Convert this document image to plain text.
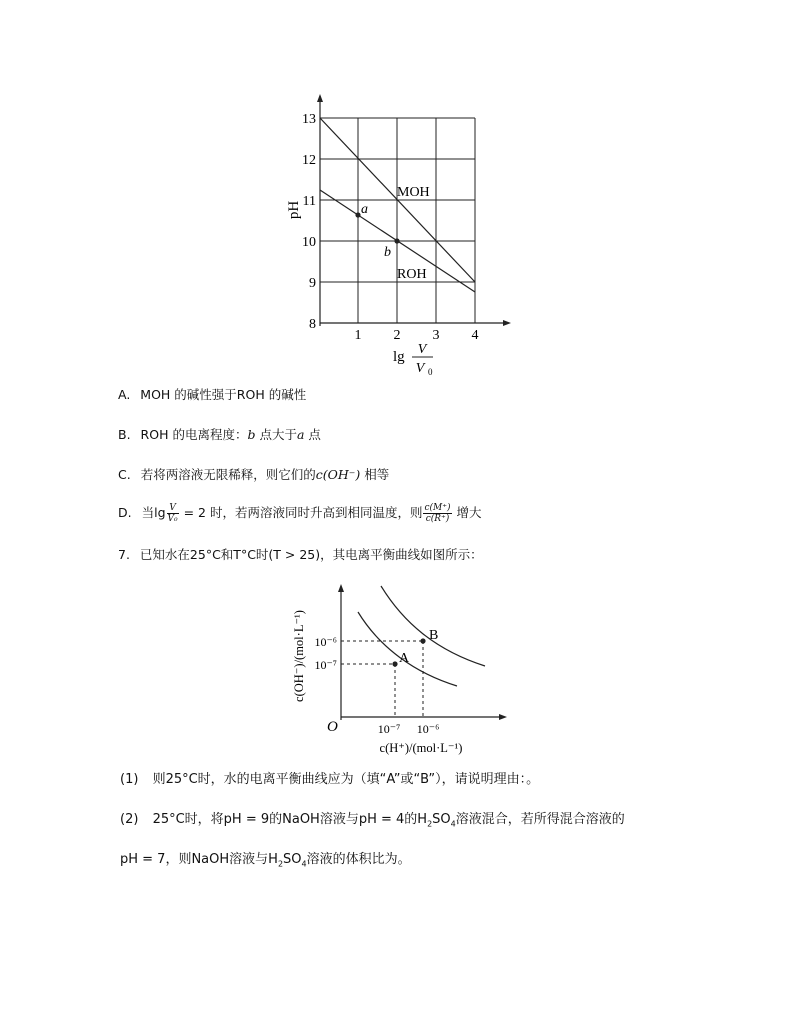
a
b
MOH
ROH
13
12
11
10
9
8
1 2 3 4
pH
lg V
V 0
A. MOH 的碱性强于ROH 的碱性
B. ROH 的电离程度：b 点大于a 点
C. 若将两溶液无限稀释，则它们的c(OH⁻) 相等
D. 当$\lg \frac{V}{\text{V₀}} = 2$ 时，若两溶液同时升高到相同温度，则 $\frac{c(M^+)}{c(R^+)}$ 增大
7. 已知水在25°C和T°C时(T > 25)，其电离平衡曲线如图所示：
A
B
10⁻⁶
10⁻⁷
10⁻⁷ 10⁻⁶
O
c(OH⁻)/(mol·L⁻¹)
c(H⁺)/(mol·L⁻¹)
(1) 则25°C时，水的电离平衡曲线应为（填“A”或“B”），请说明理由：。
(2) 25°C时，将pH = 9的NaOH溶液与pH = 4的$H_2SO_4$溶液混合，若所得混合溶液的
pH = 7，则NaOH溶液与$H_2SO_4$溶液的体积比为。
